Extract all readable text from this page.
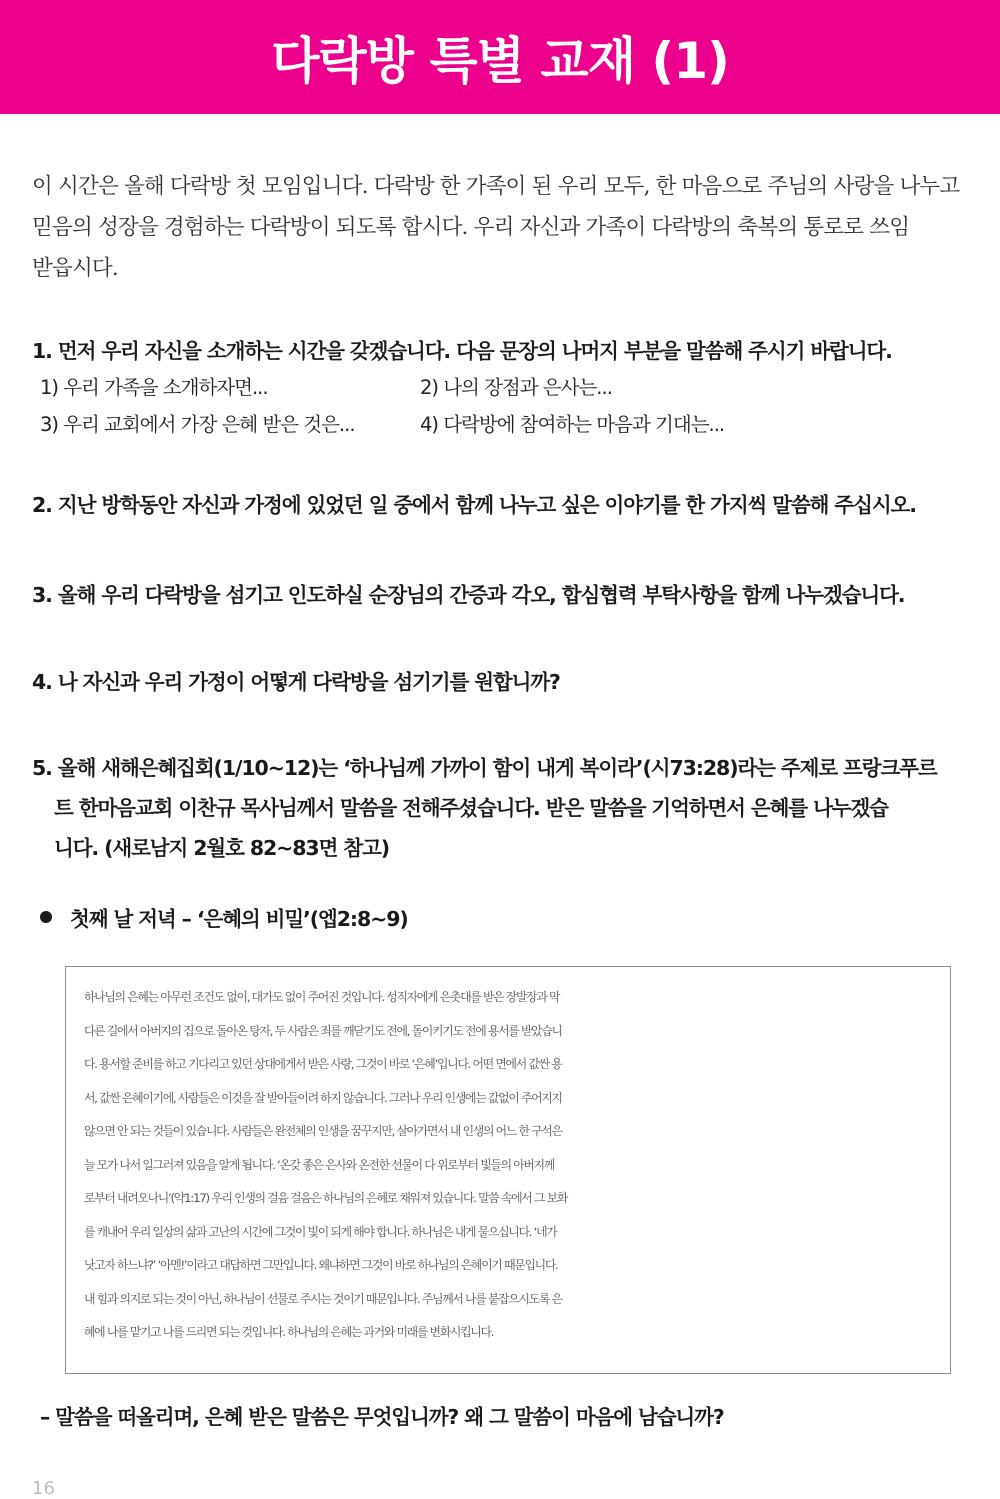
다락방 특별 교재 (1)
이 시간은 올해 다락방 첫 모임입니다. 다락방 한 가족이 된 우리 모두, 한 마음으로 주님의 사랑을 나누고 믿음의 성장을 경험하는 다락방이 되도록 합시다. 우리 자신과 가족이 다락방의 축복의 통로로 쓰임 받읍시다.
1. 먼저 우리 자신을 소개하는 시간을 갖겠습니다. 다음 문장의 나머지 부분을 말씀해 주시기 바랍니다.
1) 우리 가족을 소개하자면...	2) 나의 장점과 은사는...
3) 우리 교회에서 가장 은혜 받은 것은...	4) 다락방에 참여하는 마음과 기대는...
2. 지난 방학동안 자신과 가정에 있었던 일 중에서 함께 나누고 싶은 이야기를 한 가지씩 말씀해 주십시오.
3. 올해 우리 다락방을 섬기고 인도하실 순장님의 간증과 각오, 합심협력 부탁사항을 함께 나누겠습니다.
4. 나 자신과 우리 가정이 어떻게 다락방을 섬기기를 원합니까?
5. 올해 새해은혜집회(1/10~12)는 ‘하나님께 가까이 함이 내게 복이라’(시73:28)라는 주제로 프랑크푸르
트 한마음교회 이찬규 목사님께서 말씀을 전해주셨습니다. 받은 말씀을 기억하면서 은혜를 나누겠습
니다. (새로남지 2월호 82~83면 참고)
첫째 날 저녁 – ‘은혜의 비밀’(엡2:8~9)
하나님의 은혜는 아무런 조건도 없이, 대가도 없이 주어진 것입니다. 성직자에게 은촛대를 받은 장발장과 막
다른 길에서 아버지의 집으로 돌아온 탕자, 두 사람은 죄를 깨닫기도 전에, 돌이키기도 전에 용서를 받았습니
다. 용서할 준비를 하고 기다리고 있던 상대에게서 받은 사랑, 그것이 바로 ‘은혜’입니다. 어떤 면에서 값싼 용
서, 값싼 은혜이기에, 사람들은 이것을 잘 받아들이려 하지 않습니다. 그러나 우리 인생에는 값없이 주어지지
않으면 안 되는 것들이 있습니다. 사람들은 완전체의 인생을 꿈꾸지만, 살아가면서 내 인생의 어느 한 구석은
늘 모가 나서 일그러져 있음을 알게 됩니다. ‘온갖 좋은 은사와 온전한 선물이 다 위로부터 빛들의 아버지께
로부터 내려오나니’(약1:17) 우리 인생의 걸음 걸음은 하나님의 은혜로 채워져 있습니다. 말씀 속에서 그 보화
를 캐내어 우리 일상의 삶과 고난의 시간에 그것이 빛이 되게 해야 합니다. 하나님은 내게 물으십니다. ‘네가
낫고자 하느냐?’ ‘아멘!’이라고 대답하면 그만입니다. 왜냐하면 그것이 바로 하나님의 은혜이기 때문입니다.
내 힘과 의지로 되는 것이 아닌, 하나님이 선물로 주시는 것이기 때문입니다. 주님께서 나를 붙잡으시도록 은
혜에 나를 맡기고 나를 드리면 되는 것입니다. 하나님의 은혜는 과거와 미래를 변화시킵니다.
– 말씀을 떠올리며, 은혜 받은 말씀은 무엇입니까? 왜 그 말씀이 마음에 남습니까?
16
